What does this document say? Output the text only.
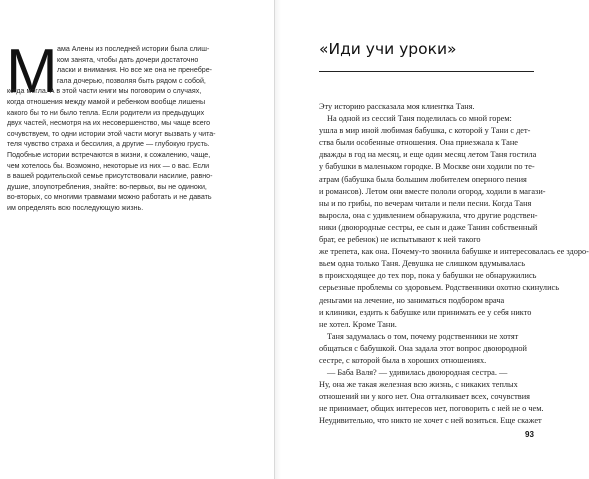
М ама Алены из последней истории была слиш-
ком занята, чтобы дать дочери достаточно
ласки и внимания. Но все же она не пренебре-
гала дочерью, позволяя быть рядом с собой,
когда могла. А в этой части книги мы поговорим о случаях,
когда отношения между мамой и ребенком вообще лишены
какого бы то ни было тепла. Если родители из предыдущих
двух частей, несмотря на их несовершенство, мы чаще всего
сочувствуем, то одни истории этой части могут вызвать у чита-
теля чувство страха и бессилия, а другие — глубокую грусть.
Подобные истории встречаются в жизни, к сожалению, чаще,
чем хотелось бы. Возможно, некоторые из них — о вас. Если
в вашей родительской семье присутствовали насилие, равно-
душие, злоупотребления, знайте: во-первых, вы не одиноки,
во-вторых, со многими травмами можно работать и не давать
им определять всю последующую жизнь.
«Иди учи уроки»
Эту историю рассказала моя клиентка Таня.
На одной из сессий Таня поделилась со мной горем:
ушла в мир иной любимая бабушка, с которой у Тани с дет-
ства были особенные отношения. Она приезжала к Тане
дважды в год на месяц, и еще один месяц летом Таня гостила
у бабушки в маленьком городке. В Москве они ходили по те-
атрам (бабушка была большим любителем оперного пения
и романсов). Летом они вместе пололи огород, ходили в магази-
ны и по грибы, по вечерам читали и пели песни. Когда Таня
выросла, она с удивлением обнаружила, что другие родствен-
ники (двоюродные сестры, ее сын и даже Танин собственный
брат, ее ребенок) не испытывают к ней такого
же трепета, как она. Почему-то звонила бабушке и интересовалась ее здоро-
вьем одна только Таня. Девушка не слишком вдумывалась
в происходящее до тех пор, пока у бабушки не обнаружились
серьезные проблемы со здоровьем. Родственники охотно скинулись
деньгами на лечение, но заниматься подбором врача
и клиники, ездить к бабушке или принимать ее у себя никто
не хотел. Кроме Тани.
Таня задумалась о том, почему родственники не хотят
общаться с бабушкой. Она задала этот вопрос двоюродной
сестре, с которой была в хороших отношениях.
— Баба Валя? — удивилась двоюродная сестра. —
Ну, она же такая железная всю жизнь, с никаких теплых
отношений ни у кого нет. Она отталкивает всех, сочувствия
не принимает, общих интересов нет, поговорить с ней не о чем.
Неудивительно, что никто не хочет с ней возиться. Еще скажет
93
